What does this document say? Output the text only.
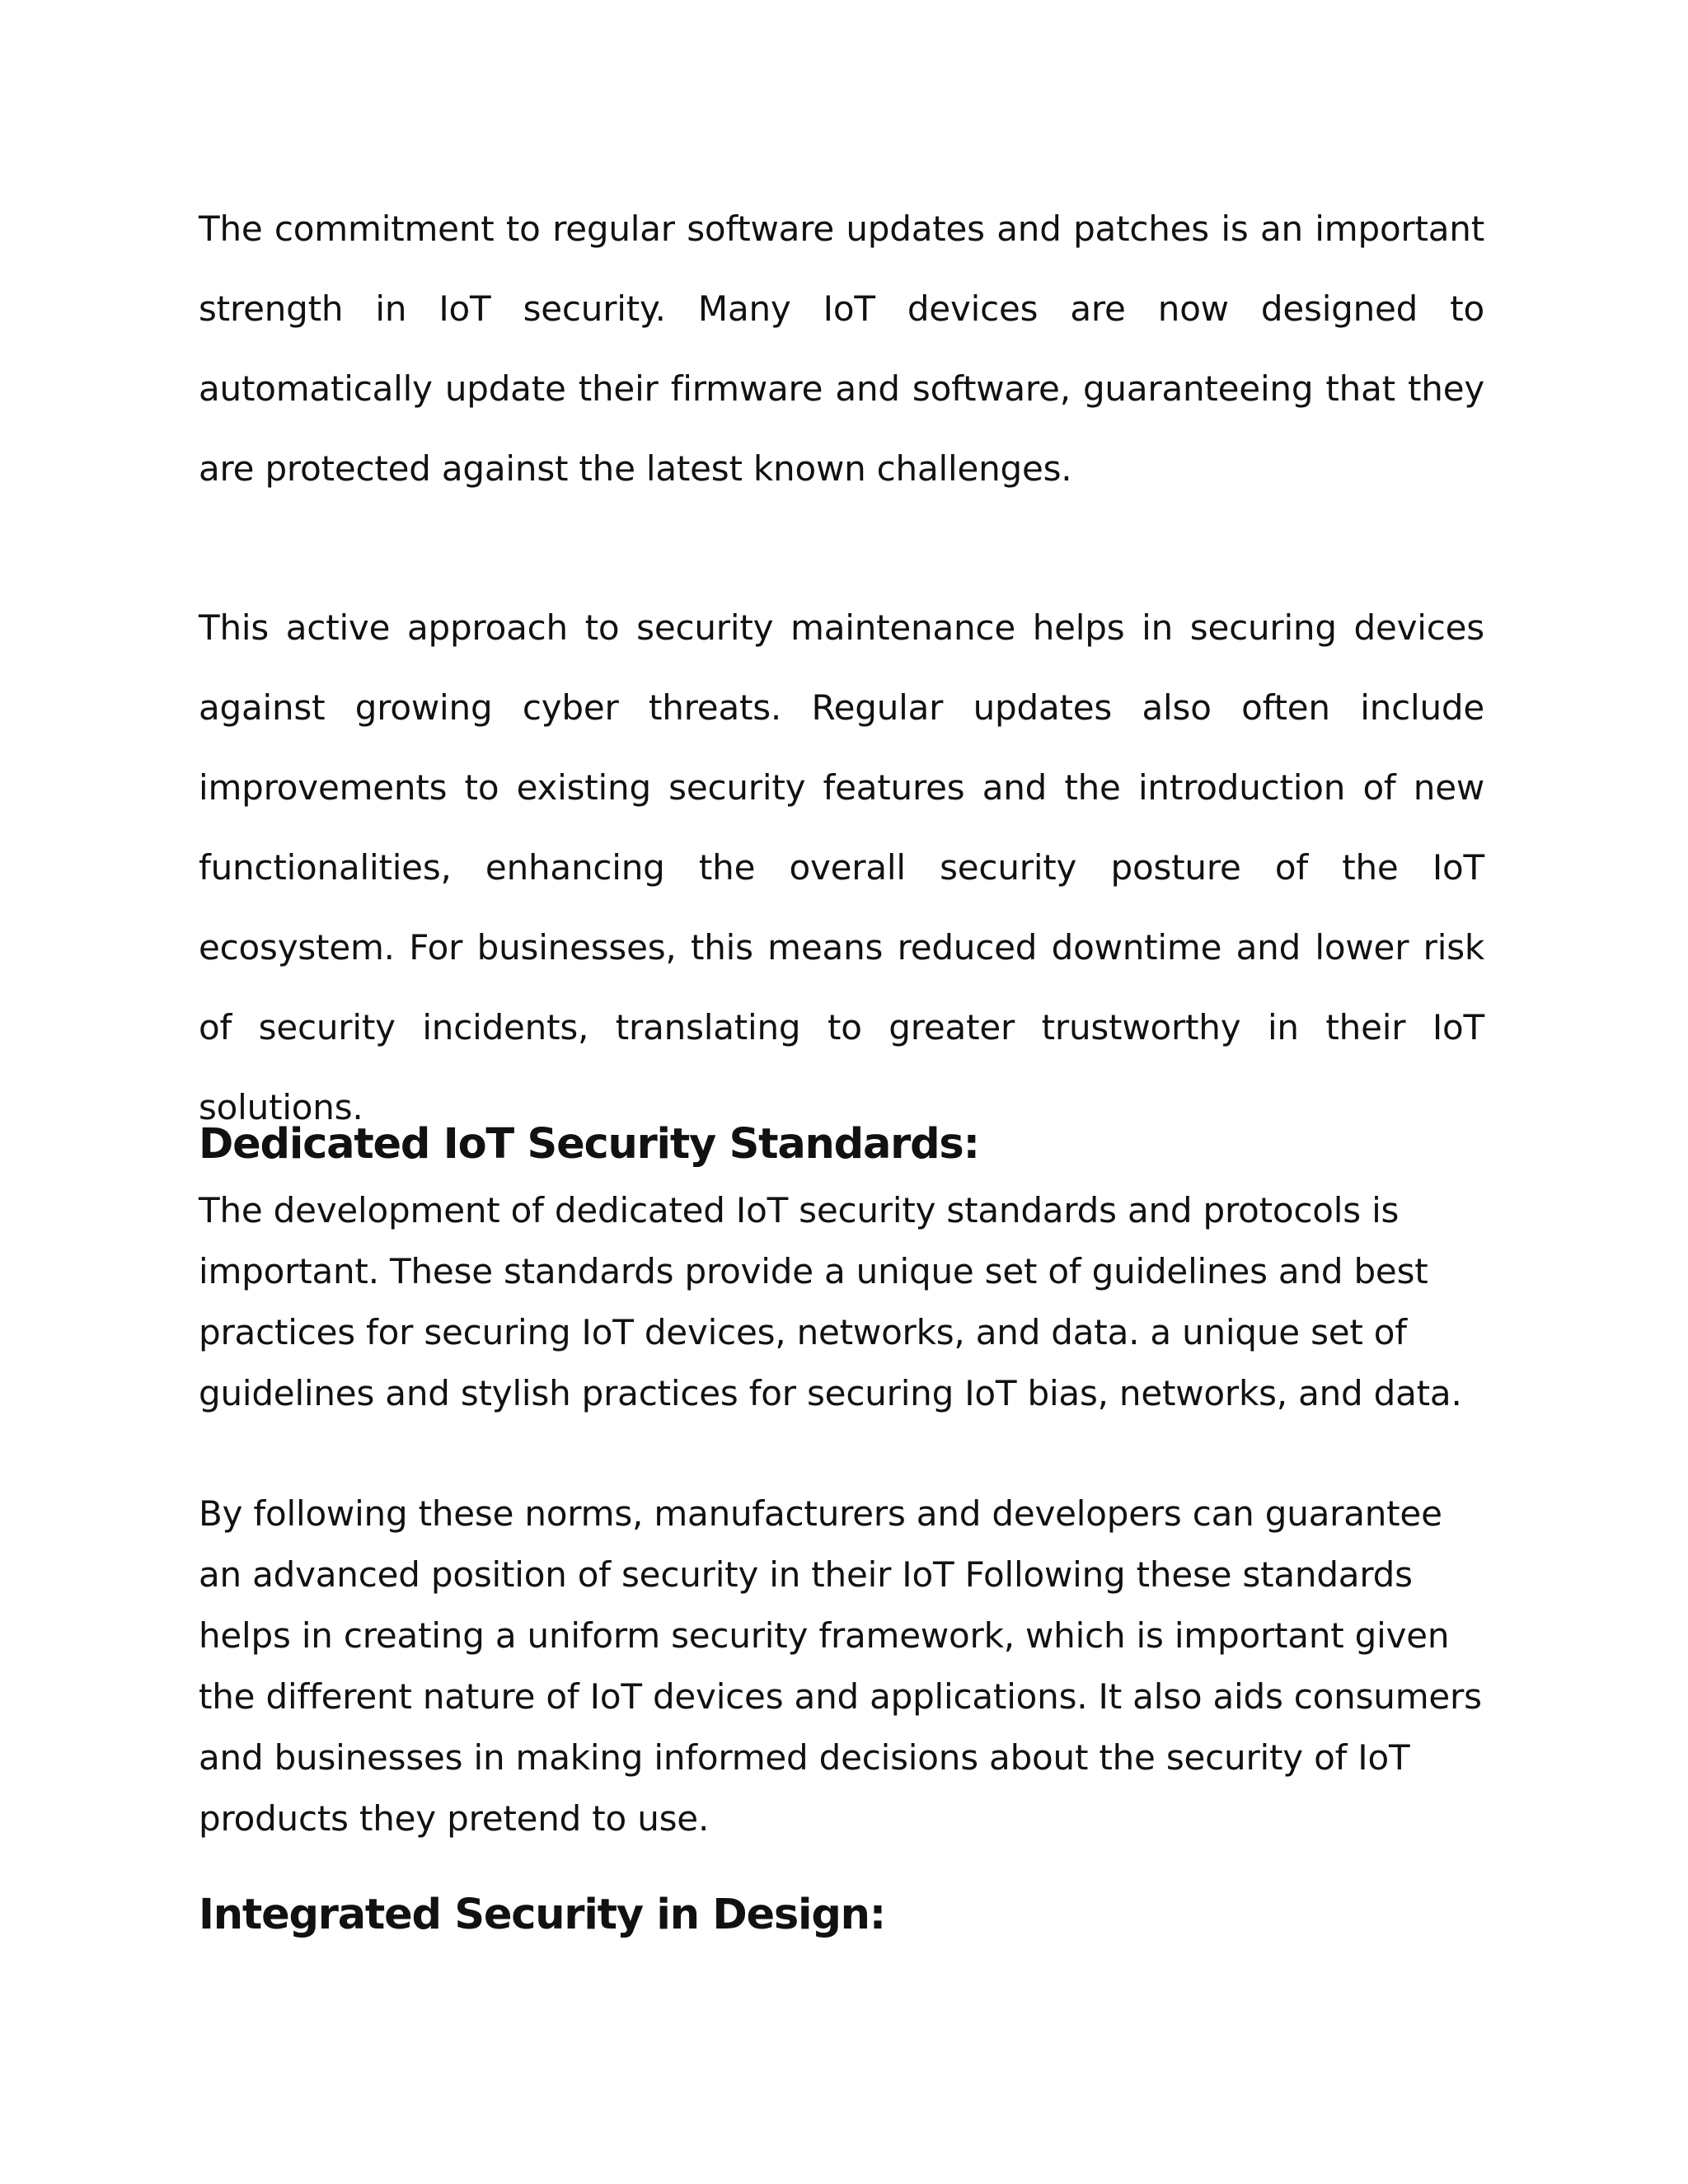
The commitment to regular software updates and patches is an important strength in IoT security. Many IoT devices are now designed to automatically update their firmware and software, guaranteeing that they are protected against the latest known challenges.

This active approach to security maintenance helps in securing devices against growing cyber threats. Regular updates also often include improvements to existing security features and the introduction of new functionalities, enhancing the overall security posture of the IoT ecosystem. For businesses, this means reduced downtime and lower risk of security incidents, translating to greater trustworthy in their IoT solutions.

Dedicated IoT Security Standards:

The development of dedicated IoT security standards and protocols is important. These standards provide a unique set of guidelines and best practices for securing IoT devices, networks, and data. a unique set of guidelines and stylish practices for securing IoT bias, networks, and data.

By following these norms, manufacturers and developers can guarantee an advanced position of security in their IoT Following these standards helps in creating a uniform security framework, which is important given the different nature of IoT devices and applications. It also aids consumers and businesses in making informed decisions about the security of IoT products they pretend to use.

Integrated Security in Design:
